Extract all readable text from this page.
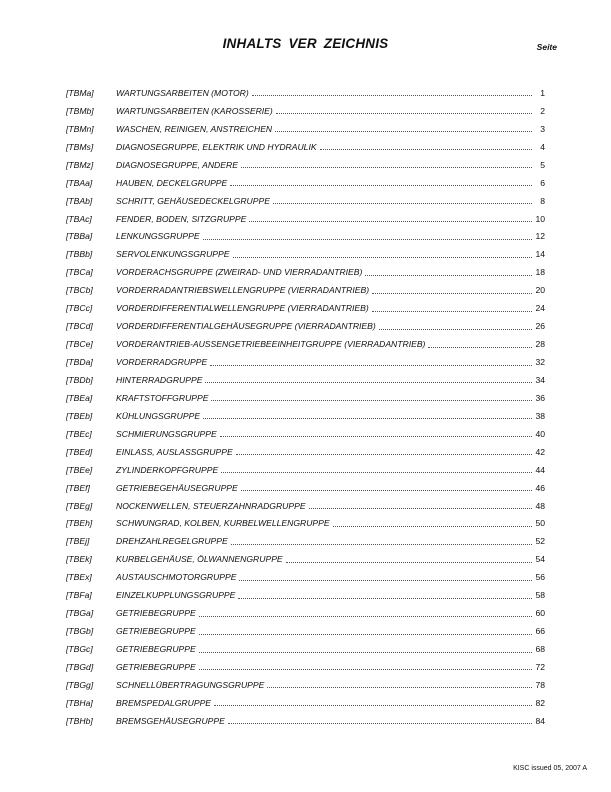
INHALTS VER ZEICHNIS	Seite
[TBMa]	WARTUNGSARBEITEN (MOTOR)	1
[TBMb]	WARTUNGSARBEITEN (KAROSSERIE)	2
[TBMn]	WASCHEN, REINIGEN, ANSTREICHEN	3
[TBMs]	DIAGNOSEGRUPPE, ELEKTRIK UND HYDRAULIK	4
[TBMz]	DIAGNOSEGRUPPE, ANDERE	5
[TBAa]	HAUBEN, DECKELGRUPPE	6
[TBAb]	SCHRITT, GEHÄUSEDECKELGRUPPE	8
[TBAc]	FENDER, BODEN, SITZGRUPPE	10
[TBBa]	LENKUNGSGRUPPE	12
[TBBb]	SERVOLENKUNGSGRUPPE	14
[TBCa]	VORDERACHSGRUPPE (ZWEIRAD- UND VIERRADANTRIEB)	18
[TBCb]	VORDERRADANTRIEBSWELLENGRUPPE (VIERRADANTRIEB)	20
[TBCc]	VORDERDIFFERENTIALWELLENGRUPPE (VIERRADANTRIEB)	24
[TBCd]	VORDERDIFFERENTIALGEHÄUSEGRUPPE (VIERRADANTRIEB)	26
[TBCe]	VORDERANTRIEB-AUSSENGETRIEBEEINHEITGRUPPE (VIERRADANTRIEB)	28
[TBDa]	VORDERRADGRUPPE	32
[TBDb]	HINTERRADGRUPPE	34
[TBEa]	KRAFTSTOFFGRUPPE	36
[TBEb]	KÜHLUNGSGRUPPE	38
[TBEc]	SCHMIERUNGSGRUPPE	40
[TBEd]	EINLASS, AUSLASSGRUPPE	42
[TBEe]	ZYLINDERKOPFGRUPPE	44
[TBEf]	GETRIEBEGEHÄUSEGRUPPE	46
[TBEg]	NOCKENWELLEN, STEUERZAHNRADGRUPPE	48
[TBEh]	SCHWUNGRAD, KOLBEN, KURBELWELLENGRUPPE	50
[TBEj]	DREHZAHLREGELGRUPPE	52
[TBEk]	KURBELGEHÄUSE, ÖLWANNENGRUPPE	54
[TBEx]	AUSTAUSCHMOTORGRUPPE	56
[TBFa]	EINZELKUPPLUNGSGRUPPE	58
[TBGa]	GETRIEBEGRUPPE	60
[TBGb]	GETRIEBEGRUPPE	66
[TBGc]	GETRIEBEGRUPPE	68
[TBGd]	GETRIEBEGRUPPE	72
[TBGg]	SCHNELLÜBERTRAGUNGSGRUPPE	78
[TBHa]	BREMSPEDALGRUPPE	82
[TBHb]	BREMSGEHÄUSEGRUPPE	84
KISC issued 05, 2007 A
